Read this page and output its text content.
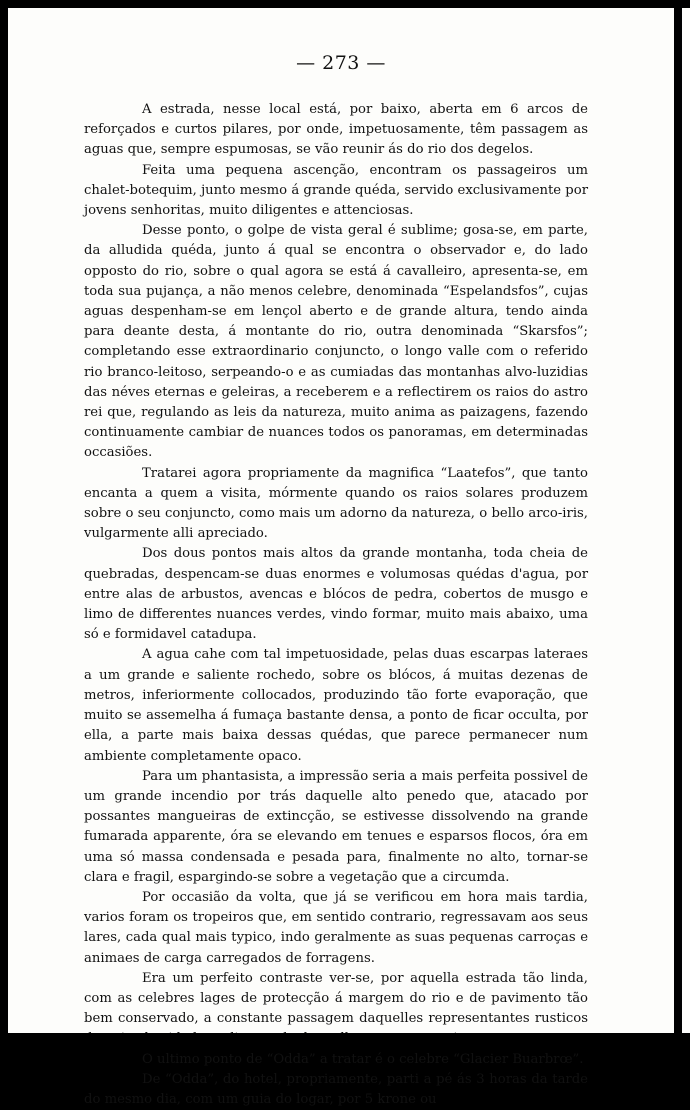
— 273 —

A estrada, nesse local está, por baixo, aberta em 6 arcos de reforçados e curtos pilares, por onde, impetuosamente, têm passagem as aguas que, sempre espumosas, se vão reunir ás do rio dos degelos.

Feita uma pequena ascenção, encontram os passageiros um chalet-botequim, junto mesmo á grande quéda, servido exclusivamente por jovens senhoritas, muito diligentes e attenciosas.

Desse ponto, o golpe de vista geral é sublime; gosa-se, em parte, da alludida quéda, junto á qual se encontra o observador e, do lado opposto do rio, sobre o qual agora se está á cavalleiro, apresenta-se, em toda sua pujança, a não menos celebre, denominada “Espelandsfos”, cujas aguas despenham-se em lençol aberto e de grande altura, tendo ainda para deante desta, á montante do rio, outra denominada “Skarsfos”; completando esse extraordinario conjuncto, o longo valle com o referido rio branco-leitoso, serpeando-o e as cumiadas das montanhas alvo-luzidias das néves eternas e geleiras, a receberem e a reflectirem os raios do astro rei que, regulando as leis da natureza, muito anima as paizagens, fazendo continuamente cambiar de nuances todos os panoramas, em determinadas occasiões.

Tratarei agora propriamente da magnifica “Laatefos”, que tanto encanta a quem a visita, mórmente quando os raios solares produzem sobre o seu conjuncto, como mais um adorno da natureza, o bello arco-iris, vulgarmente alli apreciado.

Dos dous pontos mais altos da grande montanha, toda cheia de quebradas, despencam-se duas enormes e volumosas quédas d'agua, por entre alas de arbustos, avencas e blócos de pedra, cobertos de musgo e limo de differentes nuances verdes, vindo formar, muito mais abaixo, uma só e formidavel catadupa.

A agua cahe com tal impetuosidade, pelas duas escarpas lateraes a um grande e saliente rochedo, sobre os blócos, á muitas dezenas de metros, inferiormente collocados, produzindo tão forte evaporação, que muito se assemelha á fumaça bastante densa, a ponto de ficar occulta, por ella, a parte mais baixa dessas quédas, que parece permanecer num ambiente completamente opaco.

Para um phantasista, a impressão seria a mais perfeita possivel de um grande incendio por trás daquelle alto penedo que, atacado por possantes mangueiras de extincção, se estivesse dissolvendo na grande fumarada apparente, óra se elevando em tenues e esparsos flocos, óra em uma só massa condensada e pesada para, finalmente no alto, tornar-se clara e fragil, espargindo-se sobre a vegetação que a circumda.

Por occasião da volta, que já se verificou em hora mais tardia, varios foram os tropeiros que, em sentido contrario, regressavam aos seus lares, cada qual mais typico, indo geralmente as suas pequenas carroças e animaes de carga carregados de forragens.

Era um perfeito contraste ver-se, por aquella estrada tão linda, com as celebres lages de protecção á margem do rio e de pavimento tão bem conservado, a constante passagem daquelles representantes rusticos

O ultimo ponto de “Odda” a tratar é o celebre “Glacier Buarbrœ”.

De “Odda”, do hotel, propriamente, parti a pé ás 3 horas da tarde do mesmo dia, com um guia do logar, por 5 krone ou
